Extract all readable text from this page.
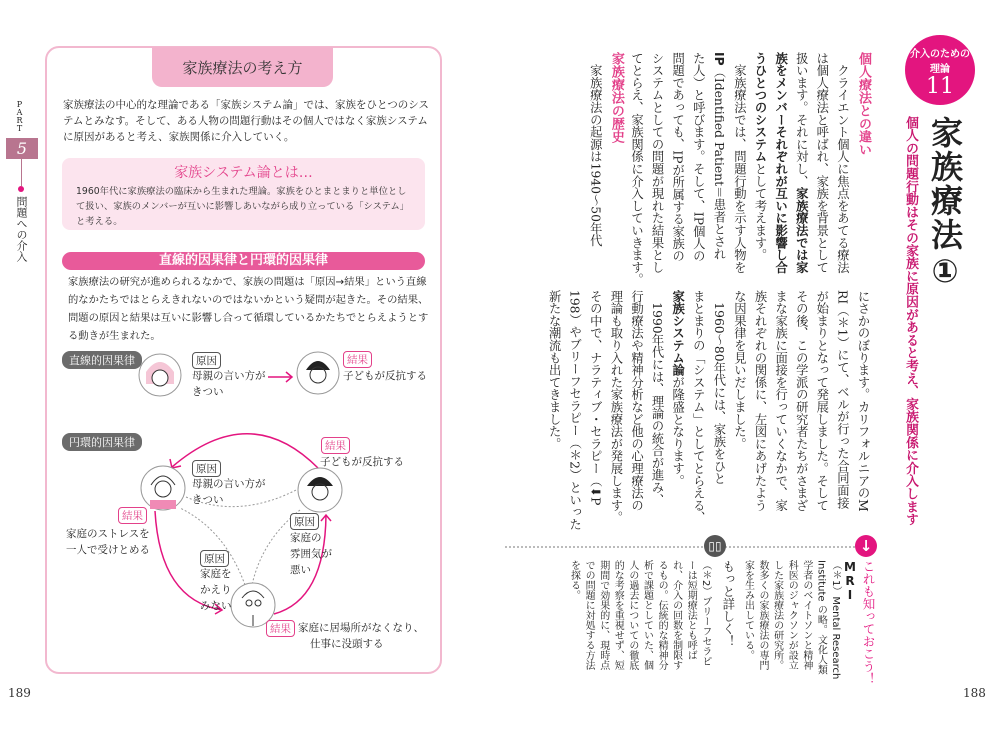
PART
5
問題への介入
家族療法の考え方
家族療法の中心的な理論である「家族システム論」では、家族をひとつのシステムとみなす。そして、ある人物の問題行動はその個人ではなく家族システムに原因があると考え、家族関係に介入していく。
家族システム論とは…

1960年代に家族療法の臨床から生まれた理論。家族をひとまとまりと単位として扱い、家族のメンバーが互いに影響しあいながら成り立っている「システム」と考える。

直線的因果律と円環的因果律
家族療法の研究が進められるなかで、家族の問題は「原因→結果」という直線的なかたちではとらえきれないのではないかという疑問が起きた。その結果、問題の原因と結果は互いに影響し合って循環しているかたちでとらえようとする動きが生まれた。
直線的因果律	原因
母親の言い方が
きつい
結果
子どもが反抗する
円環的因果律	結果
子どもが反抗する
原因
母親の言い方が
きつい
結果
家庭のストレスを
一人で受けとめる
原因
家庭の
雰囲気が
悪い
原因
家庭を
かえり
みない
結果 家庭に居場所がなくなり、
仕事に没頭する
189
介入のための
理論
11
家族療法①
個人の問題行動はその家族に原因があると考え、家族関係に介入します
個人療法との違い
　クライエント個人に焦点をあてる療法
は個人療法と呼ばれ、家族を背景として
扱います。それに対し、家族療法では家
族をメンバーそれぞれが互いに影響し合
うひとつのシステムとして考えます。
　家族療法では、問題行動を示す人物を
IP（Identified Patient＝患者とされ
た人）と呼びます。そして、IP個人の
問題であっても、IPが所属する家族の
システムとしての問題が現れた結果とし
てとらえ、家族関係に介入していきます。
家族療法の歴史
　家族療法の起源は1940～50年代
にさかのぼります。カリフォルニアのM
RI（＊1）にて、ベルが行った合同面接
が始まりとなって発展しました。そして
その後、この学派の研究者たちがさまざ
まな家族に面接を行っていくなかで、家
族それぞれの関係に、左図にあげたよう
な因果律を見いだしました。
　1960～80年代には、家族をひと
まとまりの「システム」としてとらえる、
家族システム論が隆盛となります。
　1990年代には、理論の統合が進み、
行動療法や精神分析など他の心理療法の
理論も取り入れた家族療法が発展します。
その中で、ナラティブ・セラピー（⬇P
198）やブリーフセラピー（＊2）といった
新たな潮流も出てきました。
↓
▯▯
これも知っておこう！
MRI
（＊1）Mental Research
Institute の略。文化人類
学者のベイトソンと精神
科医のジャクソンが設立
した家族療法の研究所。
数多くの家族療法の専門
家を生み出している。
もっと詳しく！
（＊2）ブリーフセラピ
ーは短期療法とも呼ば
れ、介入の回数を制限す
るもの。伝統的な精神分
析で課題としていた、個
人の過去についての徹底
的な考察を重視せず、短
期間で効果的に、現時点
での問題に対処する方法
を探る。
188
